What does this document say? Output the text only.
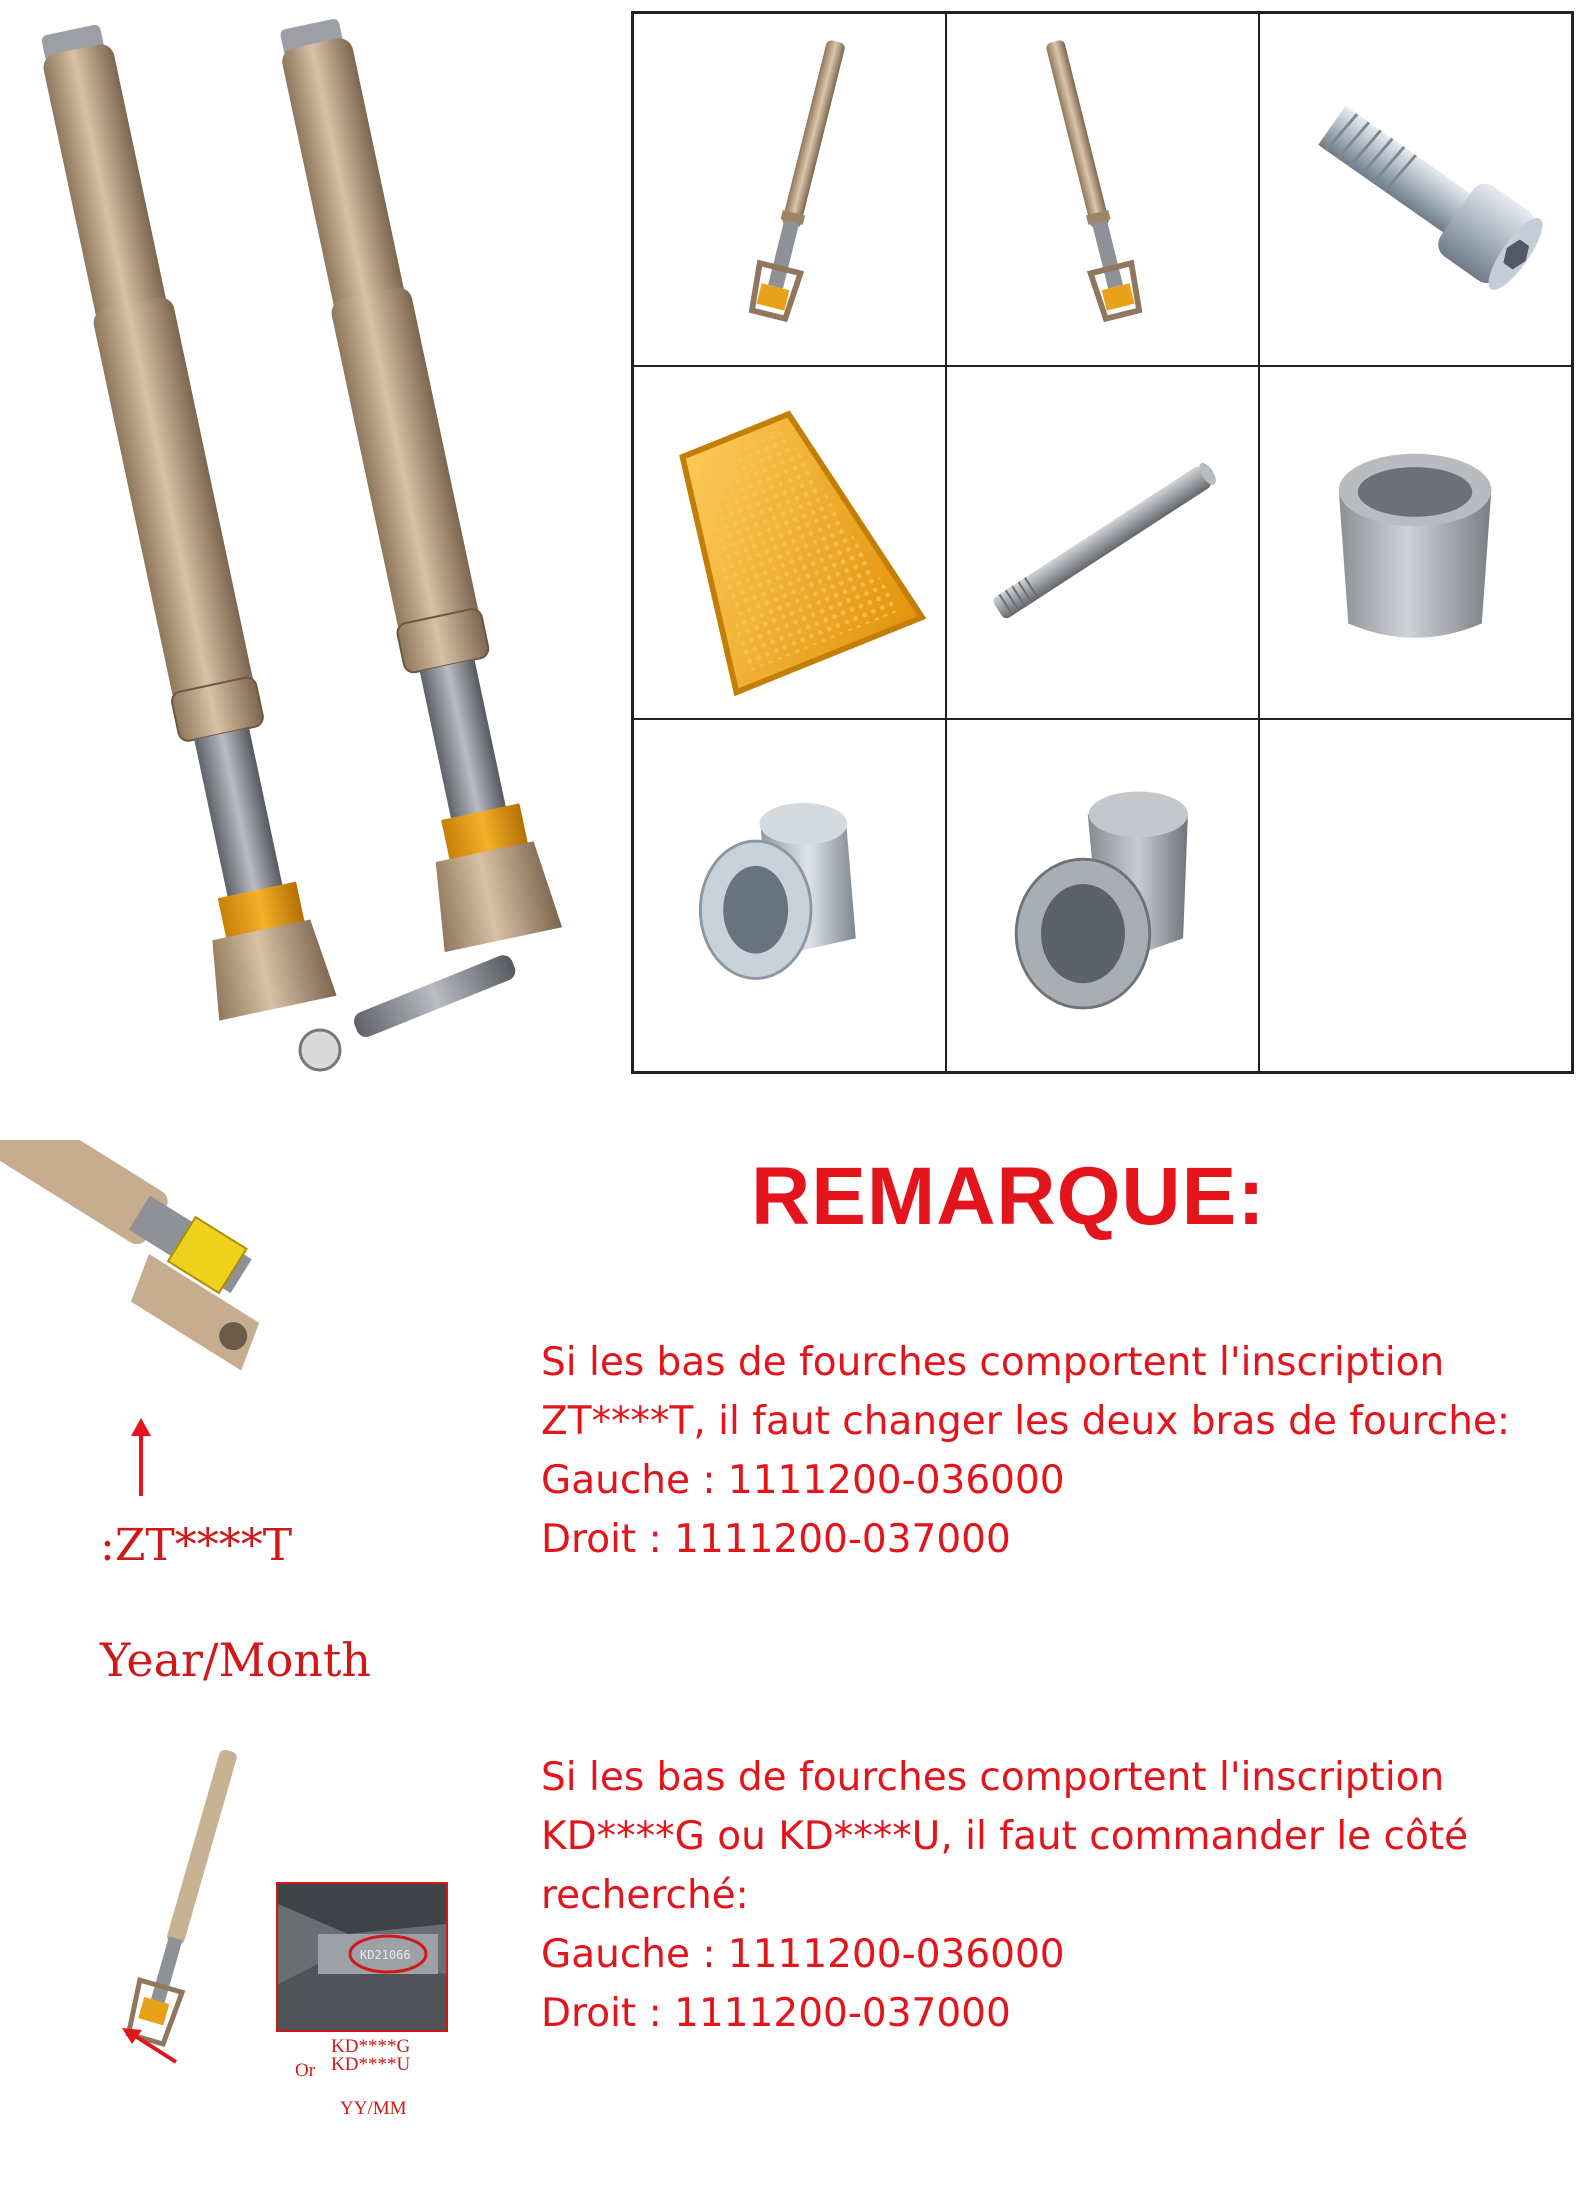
:ZT****T
Year/Month
KD21066
KD****G
Or KD****U
YY/MM
REMARQUE:
Si les bas de fourches comportent l'inscription
ZT****T, il faut changer les deux bras de fourche:
Gauche : 1111200-036000
Droit : 1111200-037000
Si les bas de fourches comportent l'inscription
KD****G ou KD****U, il faut commander le côté
recherché:
Gauche : 1111200-036000
Droit : 1111200-037000
